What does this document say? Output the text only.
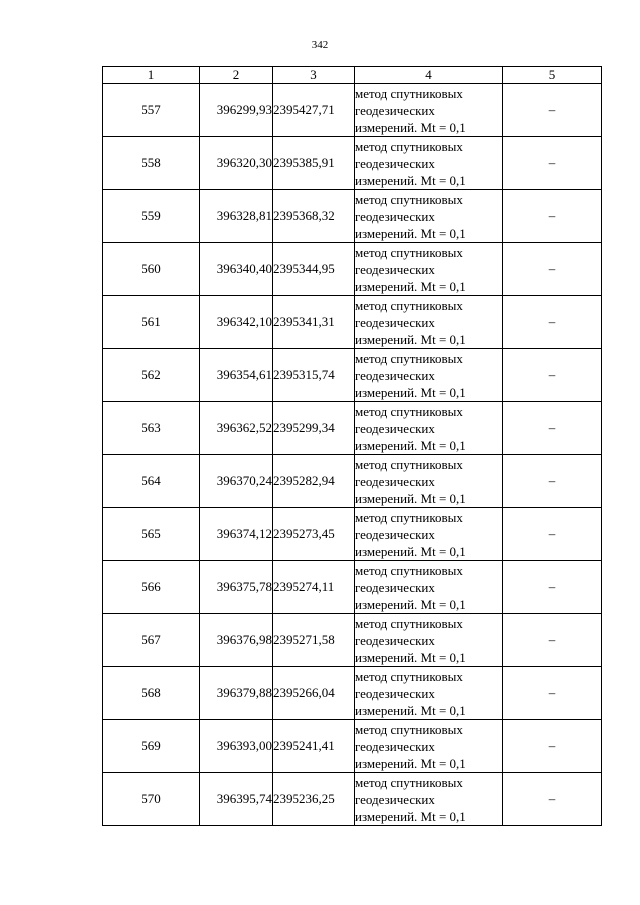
342
1	2	3	4	5
557	396299,93	2395427,71	метод спутниковых
геодезических
измерений. Mt = 0,1	–
558	396320,30	2395385,91	метод спутниковых
геодезических
измерений. Mt = 0,1	–
559	396328,81	2395368,32	метод спутниковых
геодезических
измерений. Mt = 0,1	–
560	396340,40	2395344,95	метод спутниковых
геодезических
измерений. Mt = 0,1	–
561	396342,10	2395341,31	метод спутниковых
геодезических
измерений. Mt = 0,1	–
562	396354,61	2395315,74	метод спутниковых
геодезических
измерений. Mt = 0,1	–
563	396362,52	2395299,34	метод спутниковых
геодезических
измерений. Mt = 0,1	–
564	396370,24	2395282,94	метод спутниковых
геодезических
измерений. Mt = 0,1	–
565	396374,12	2395273,45	метод спутниковых
геодезических
измерений. Mt = 0,1	–
566	396375,78	2395274,11	метод спутниковых
геодезических
измерений. Mt = 0,1	–
567	396376,98	2395271,58	метод спутниковых
геодезических
измерений. Mt = 0,1	–
568	396379,88	2395266,04	метод спутниковых
геодезических
измерений. Mt = 0,1	–
569	396393,00	2395241,41	метод спутниковых
геодезических
измерений. Mt = 0,1	–
570	396395,74	2395236,25	метод спутниковых
геодезических
измерений. Mt = 0,1	–
